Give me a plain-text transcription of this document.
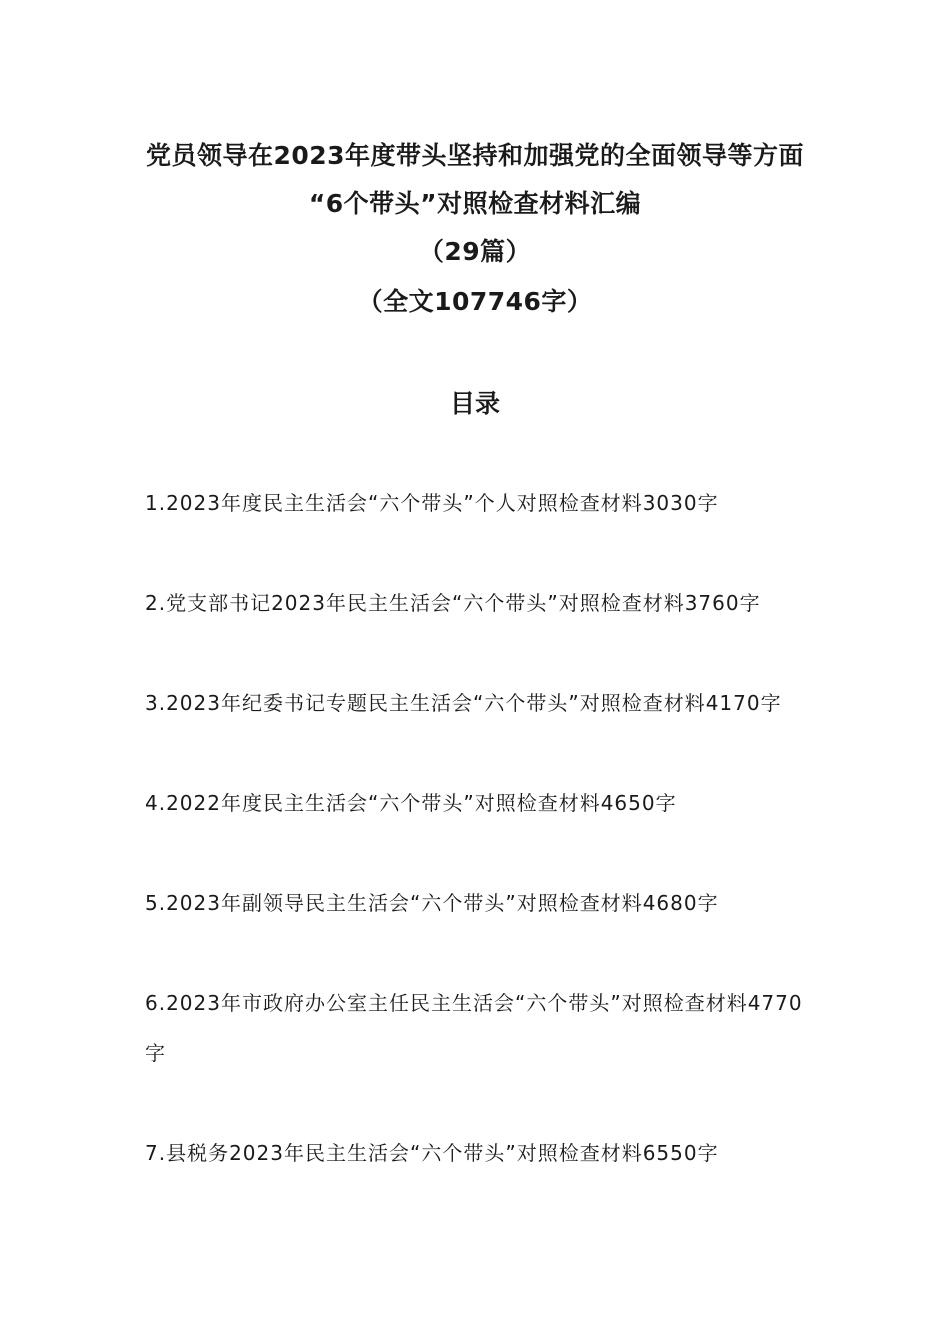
党员领导在2023年度带头坚持和加强党的全面领导等方面
“6个带头”对照检查材料汇编
（29篇）
（全文107746字）
目录
1.2023年度民主生活会“六个带头”个人对照检查材料3030字
2.党支部书记2023年民主生活会“六个带头”对照检查材料3760字
3.2023年纪委书记专题民主生活会“六个带头”对照检查材料4170字
4.2022年度民主生活会“六个带头”对照检查材料4650字
5.2023年副领导民主生活会“六个带头”对照检查材料4680字
6.2023年市政府办公室主任民主生活会“六个带头”对照检查材料4770字
7.县税务2023年民主生活会“六个带头”对照检查材料6550字
